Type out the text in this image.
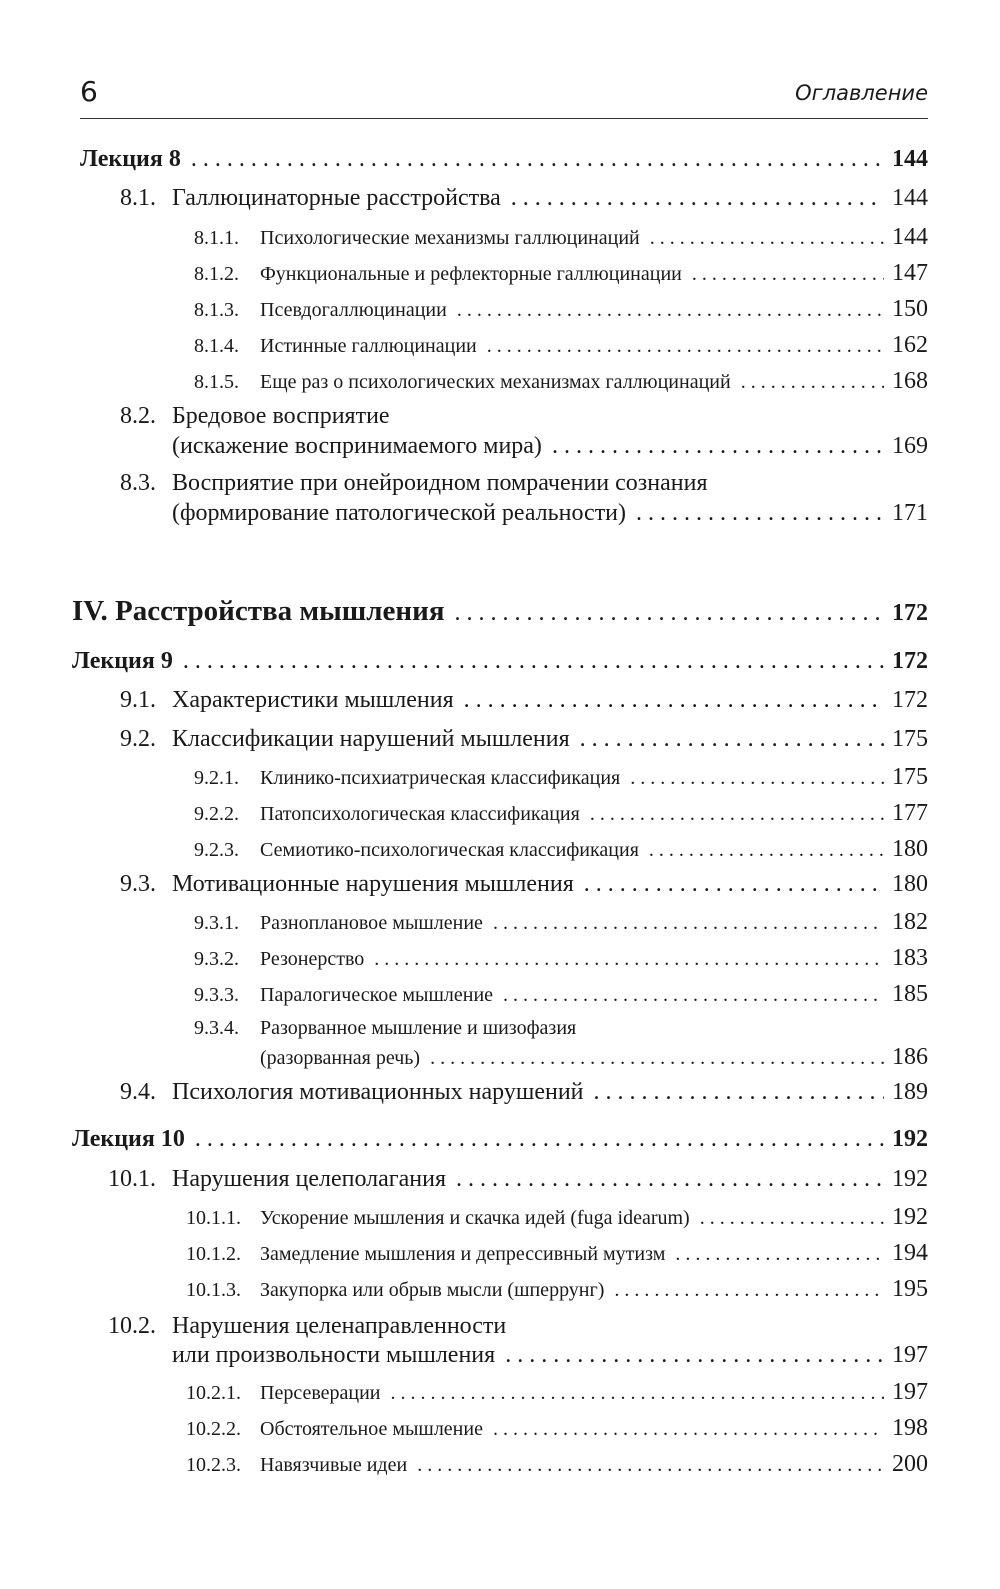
6	Оглавление
Лекция 8 . . .	144
8.1. Галлюцинаторные расстройства . . .	144
8.1.1.	Психологические механизмы галлюцинаций . . .	144
8.1.2.	Функциональные и рефлекторные галлюцинации . . .	147
8.1.3.	Псевдогаллюцинации . . .	150
8.1.4.	Истинные галлюцинации . . .	162
8.1.5.	Еще раз о психологических механизмах галлюцинаций . . .	168
8.2. Бредовое восприятие
(искажение воспринимаемого мира) . . .	169
8.3. Восприятие при онейроидном помрачении сознания
(формирование патологической реальности) . . .	171
IV. Расстройства мышления . . .	172
Лекция 9 . . .	172
9.1. Характеристики мышления . . .	172
9.2. Классификации нарушений мышления . . .	175
9.2.1.	Клинико-психиатрическая классификация . . .	175
9.2.2.	Патопсихологическая классификация . . .	177
9.2.3.	Семиотико-психологическая классификация . . .	180
9.3. Мотивационные нарушения мышления . . .	180
9.3.1.	Разноплановое мышление . . .	182
9.3.2.	Резонерство . . .	183
9.3.3.	Паралогическое мышление . . .	185
9.3.4.	Разорванное мышление и шизофазия
(разорванная речь) . . .	186
9.4. Психология мотивационных нарушений . . .	189
Лекция 10 . . .	192
10.1. Нарушения целеполагания . . .	192
10.1.1. Ускорение мышления и скачка идей (fuga idearum) . . .	192
10.1.2. Замедление мышления и депрессивный мутизм . . .	194
10.1.3. Закупорка или обрыв мысли (шперрунг) . . .	195
10.2. Нарушения целенаправленности
или произвольности мышления . . .	197
10.2.1. Персеверации . . .	197
10.2.2. Обстоятельное мышление . . .	198
10.2.3. Навязчивые идеи . . .	200
